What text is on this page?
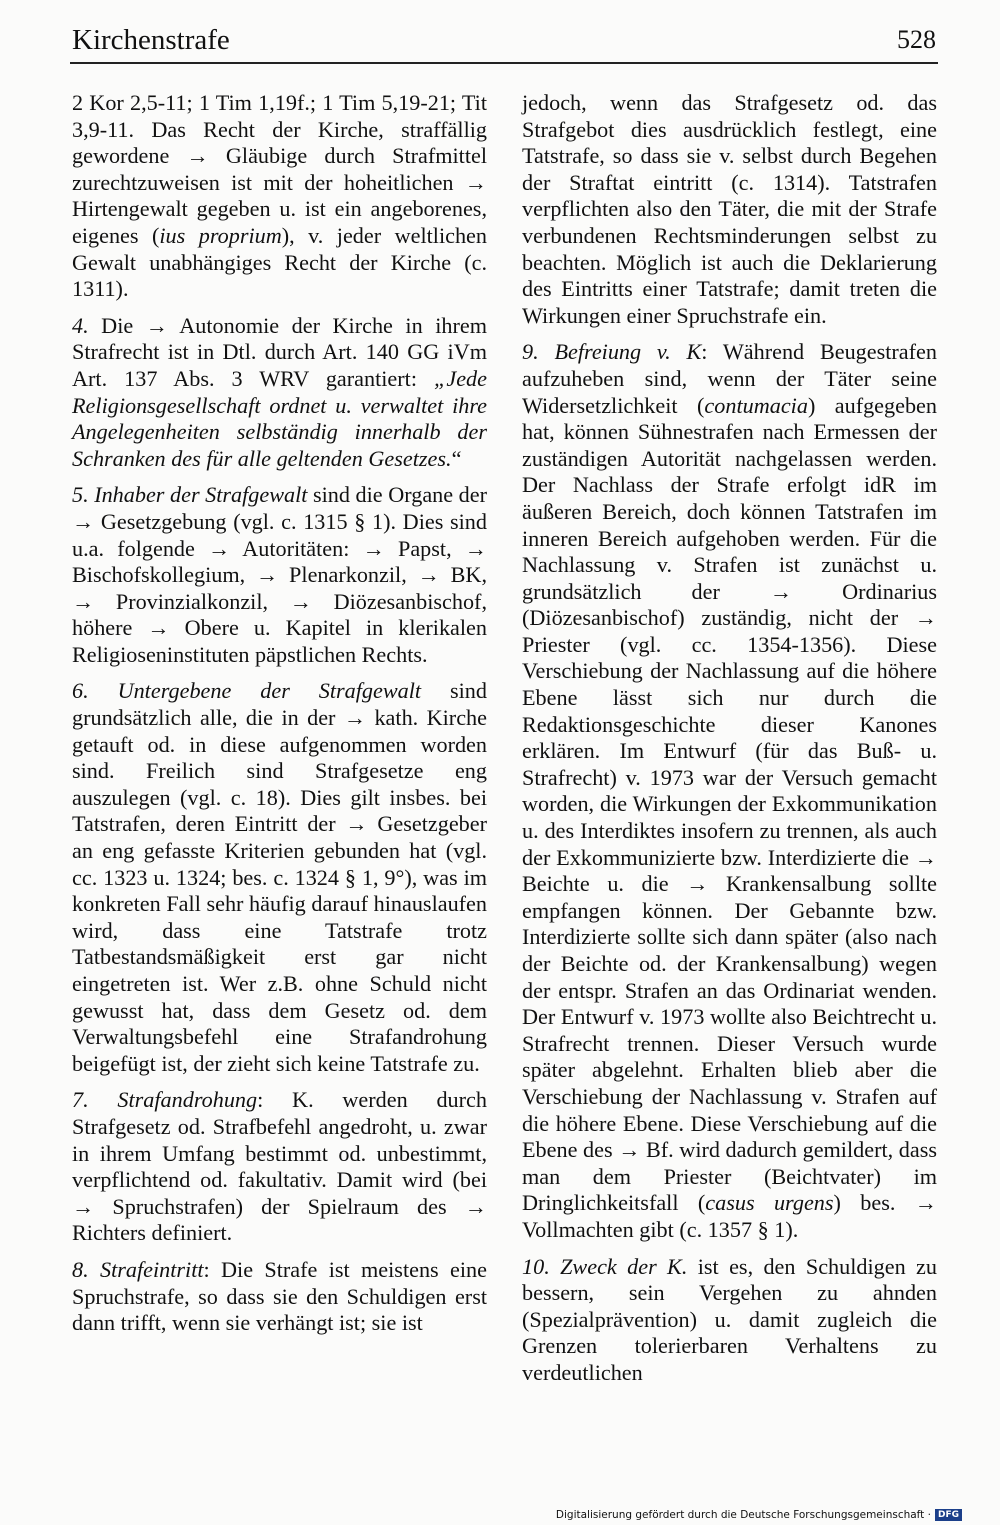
Kirchenstrafe	528

2 Kor 2,5-11; 1 Tim 1,19f.; 1 Tim 5,19-21; Tit 3,9-11. Das Recht der Kirche, straffällig gewordene → Gläubige durch Strafmittel zurechtzuweisen ist mit der hoheitlichen → Hirtengewalt gegeben u. ist ein angeborenes, eigenes (ius proprium), v. jeder weltlichen Gewalt unabhängiges Recht der Kirche (c. 1311).

4. Die → Autonomie der Kirche in ihrem Strafrecht ist in Dtl. durch Art. 140 GG iVm Art. 137 Abs. 3 WRV garantiert: „Jede Religionsgesellschaft ordnet u. verwaltet ihre Angelegenheiten selbständig innerhalb der Schranken des für alle geltenden Gesetzes.“

5. Inhaber der Strafgewalt sind die Organe der → Gesetzgebung (vgl. c. 1315 § 1). Dies sind u.a. folgende → Autoritäten: → Papst, → Bischofskollegium, → Plenarkonzil, → BK, → Provinzialkonzil, → Diözesanbischof, höhere → Obere u. Kapitel in klerikalen Religioseninstituten päpstlichen Rechts.

6. Untergebene der Strafgewalt sind grundsätzlich alle, die in der → kath. Kirche getauft od. in diese aufgenommen worden sind. Freilich sind Strafgesetze eng auszulegen (vgl. c. 18). Dies gilt insbes. bei Tatstrafen, deren Eintritt der → Gesetzgeber an eng gefasste Kriterien gebunden hat (vgl. cc. 1323 u. 1324; bes. c. 1324 § 1, 9°), was im konkreten Fall sehr häufig darauf hinauslaufen wird, dass eine Tatstrafe trotz Tatbestandsmäßigkeit erst gar nicht eingetreten ist. Wer z.B. ohne Schuld nicht gewusst hat, dass dem Gesetz od. dem Verwaltungsbefehl eine Strafandrohung beigefügt ist, der zieht sich keine Tatstrafe zu.

7. Strafandrohung: K. werden durch Strafgesetz od. Strafbefehl angedroht, u. zwar in ihrem Umfang bestimmt od. unbestimmt, verpflichtend od. fakultativ. Damit wird (bei → Spruchstrafen) der Spielraum des → Richters definiert.

8. Strafeintritt: Die Strafe ist meistens eine Spruchstrafe, so dass sie den Schuldigen erst dann trifft, wenn sie verhängt ist; sie ist

jedoch, wenn das Strafgesetz od. das Strafgebot dies ausdrücklich festlegt, eine Tatstrafe, so dass sie v. selbst durch Begehen der Straftat eintritt (c. 1314). Tatstrafen verpflichten also den Täter, die mit der Strafe verbundenen Rechtsminderungen selbst zu beachten. Möglich ist auch die Deklarierung des Eintritts einer Tatstrafe; damit treten die Wirkungen einer Spruchstrafe ein.

9. Befreiung v. K: Während Beugestrafen aufzuheben sind, wenn der Täter seine Widersetzlichkeit (contumacia) aufgegeben hat, können Sühnestrafen nach Ermessen der zuständigen Autorität nachgelassen werden. Der Nachlass der Strafe erfolgt idR im äußeren Bereich, doch können Tatstrafen im inneren Bereich aufgehoben werden. Für die Nachlassung v. Strafen ist zunächst u. grundsätzlich der → Ordinarius (Diözesanbischof) zuständig, nicht der → Priester (vgl. cc. 1354-1356). Diese Verschiebung der Nachlassung auf die höhere Ebene lässt sich nur durch die Redaktionsgeschichte dieser Kanones erklären. Im Entwurf (für das Buß- u. Strafrecht) v. 1973 war der Versuch gemacht worden, die Wirkungen der Exkommunikation u. des Interdiktes insofern zu trennen, als auch der Exkommunizierte bzw. Interdizierte die → Beichte u. die → Krankensalbung sollte empfangen können. Der Gebannte bzw. Interdizierte sollte sich dann später (also nach der Beichte od. der Krankensalbung) wegen der entspr. Strafen an das Ordinariat wenden. Der Entwurf v. 1973 wollte also Beichtrecht u. Strafrecht trennen. Dieser Versuch wurde später abgelehnt. Erhalten blieb aber die Verschiebung der Nachlassung v. Strafen auf die höhere Ebene. Diese Verschiebung auf die Ebene des → Bf. wird dadurch gemildert, dass man dem Priester (Beichtvater) im Dringlichkeitsfall (casus urgens) bes. → Vollmachten gibt (c. 1357 § 1).

10. Zweck der K. ist es, den Schuldigen zu bessern, sein Vergehen zu ahnden (Spezialprävention) u. damit zugleich die Grenzen tolerierbaren Verhaltens zu verdeutlichen

Digitalisierung gefördert durch die Deutsche Forschungsgemeinschaft · DFG
